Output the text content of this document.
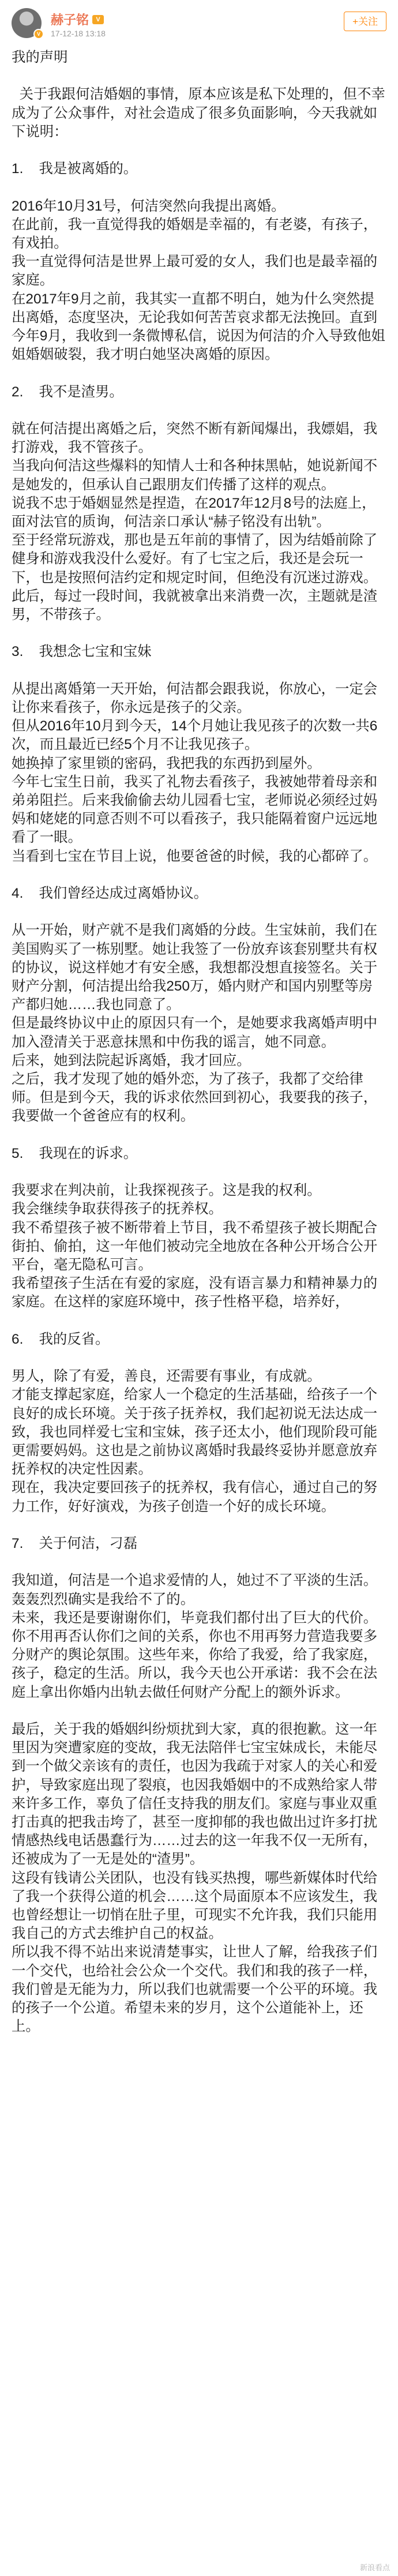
V
赫子铭	V
17-12-18 13:18
+关注

我的声明

关于我跟何洁婚姻的事情，原本应该是私下处理的，但不幸成为了公众事件，对社会造成了很多负面影响，今天我就如下说明：

1.    我是被离婚的。

2016年10月31号，何洁突然向我提出离婚。

在此前，我一直觉得我的婚姻是幸福的，有老婆，有孩子，有戏拍。

我一直觉得何洁是世界上最可爱的女人，我们也是最幸福的家庭。

在2017年9月之前，我其实一直都不明白，她为什么突然提出离婚，态度坚决，无论我如何苦苦哀求都无法挽回。直到今年9月，我收到一条微博私信，说因为何洁的介入导致他姐姐婚姻破裂，我才明白她坚决离婚的原因。

2.    我不是渣男。

就在何洁提出离婚之后，突然不断有新闻爆出，我嫖娼，我打游戏，我不管孩子。

当我向何洁这些爆料的知情人士和各种抹黑帖，她说新闻不是她发的，但承认自己跟朋友们传播了这样的观点。

说我不忠于婚姻显然是捏造，在2017年12月8号的法庭上，面对法官的质询，何洁亲口承认“赫子铭没有出轨”。

至于经常玩游戏，那也是五年前的事情了，因为结婚前除了健身和游戏我没什么爱好。有了七宝之后，我还是会玩一下，也是按照何洁约定和规定时间，但绝没有沉迷过游戏。

此后，每过一段时间，我就被拿出来消费一次，主题就是渣男，不带孩子。

3.    我想念七宝和宝妹

从提出离婚第一天开始，何洁都会跟我说，你放心，一定会让你来看孩子，你永远是孩子的父亲。

但从2016年10月到今天，14个月她让我见孩子的次数一共6次，而且最近已经5个月不让我见孩子。

她换掉了家里锁的密码，我把我的东西扔到屋外。

今年七宝生日前，我买了礼物去看孩子，我被她带着母亲和弟弟阻拦。后来我偷偷去幼儿园看七宝，老师说必须经过妈妈和姥姥的同意否则不可以看孩子，我只能隔着窗户远远地看了一眼。

当看到七宝在节目上说，他要爸爸的时候，我的心都碎了。

4.    我们曾经达成过离婚协议。

从一开始，财产就不是我们离婚的分歧。生宝妹前，我们在美国购买了一栋别墅。她让我签了一份放弃该套别墅共有权的协议，说这样她才有安全感，我想都没想直接签名。关于财产分割，何洁提出给我250万，婚内财产和国内别墅等房产都归她……我也同意了。

但是最终协议中止的原因只有一个，是她要求我离婚声明中加入澄清关于恶意抹黑和中伤我的谣言，她不同意。

后来，她到法院起诉离婚，我才回应。

之后，我才发现了她的婚外恋，为了孩子，我都了交给律师。但是到今天，我的诉求依然回到初心，我要我的孩子，我要做一个爸爸应有的权利。

5.    我现在的诉求。

我要求在判决前，让我探视孩子。这是我的权利。

我会继续争取获得孩子的抚养权。

我不希望孩子被不断带着上节目，我不希望孩子被长期配合街拍、偷拍，这一年他们被动完全地放在各种公开场合公开平台，毫无隐私可言。

我希望孩子生活在有爱的家庭，没有语言暴力和精神暴力的家庭。在这样的家庭环境中，孩子性格平稳，培养好，

6.    我的反省。

男人，除了有爱，善良，还需要有事业，有成就。

才能支撑起家庭，给家人一个稳定的生活基础，给孩子一个良好的成长环境。关于孩子抚养权，我们起初说无法达成一致，我也同样爱七宝和宝妹，孩子还太小，他们现阶段可能更需要妈妈。这也是之前协议离婚时我最终妥协并愿意放弃抚养权的决定性因素。

现在，我决定要回孩子的抚养权，我有信心，通过自己的努力工作，好好演戏，为孩子创造一个好的成长环境。

7.    关于何洁，刁磊

我知道，何洁是一个追求爱情的人，她过不了平淡的生活。轰轰烈烈确实是我给不了的。

未来，我还是要谢谢你们，毕竟我们都付出了巨大的代价。

你不用再否认你们之间的关系，你也不用再努力营造我要多分财产的舆论氛围。这些年来，你给了我爱，给了我家庭，孩子，稳定的生活。所以，我今天也公开承诺：我不会在法庭上拿出你婚内出轨去做任何财产分配上的额外诉求。

最后，关于我的婚姻纠纷烦扰到大家，真的很抱歉。这一年里因为突遭家庭的变故，我无法陪伴七宝宝妹成长，未能尽到一个做父亲该有的责任，也因为我疏于对家人的关心和爱护，导致家庭出现了裂痕，也因我婚姻中的不成熟给家人带来许多工作，辜负了信任支持我的朋友们。家庭与事业双重打击真的把我击垮了，甚至一度抑郁的我也做出过许多打扰情感热线电话愚蠢行为……过去的这一年我不仅一无所有，还被成为了一无是处的“渣男”。

这段有钱请公关团队，也没有钱买热搜，哪些新媒体时代给了我一个获得公道的机会……这个局面原本不应该发生，我也曾经想让一切悄在肚子里，可现实不允许我，我们只能用我自己的方式去维护自己的权益。

所以我不得不站出来说清楚事实，让世人了解，给我孩子们一个交代，也给社会公众一个交代。我们和我的孩子一样，我们曾是无能为力，所以我们也就需要一个公平的环境。我的孩子一个公道。希望未来的岁月，这个公道能补上，还上。

新浪看点
